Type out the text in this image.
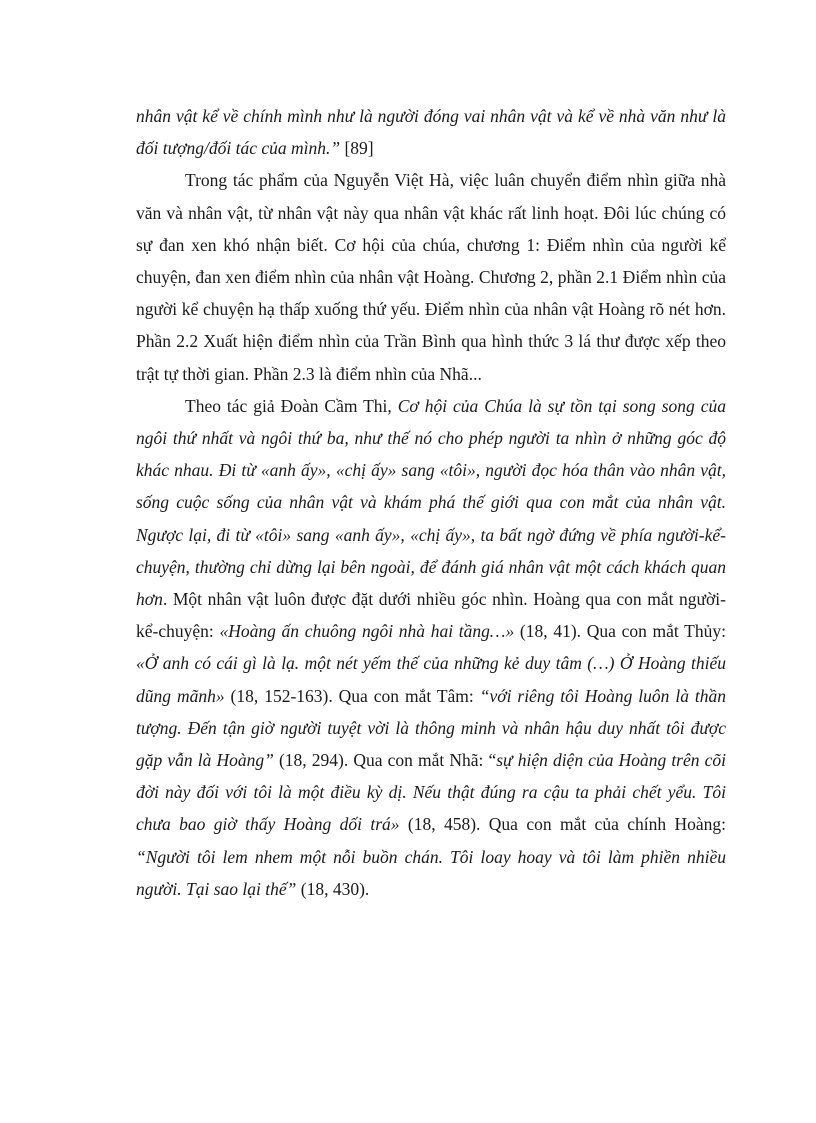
nhân vật kể về chính mình như là người đóng vai nhân vật và kể về nhà văn như là đối tượng/đối tác của mình.” [89]

Trong tác phẩm của Nguyễn Việt Hà, việc luân chuyển điểm nhìn giữa nhà văn và nhân vật, từ nhân vật này qua nhân vật khác rất linh hoạt. Đôi lúc chúng có sự đan xen khó nhận biết. Cơ hội của chúa, chương 1: Điểm nhìn của người kể chuyện, đan xen điểm nhìn của nhân vật Hoàng. Chương 2, phần 2.1 Điểm nhìn của người kể chuyện hạ thấp xuống thứ yếu. Điểm nhìn của nhân vật Hoàng rõ nét hơn. Phần 2.2 Xuất hiện điểm nhìn của Trần Bình qua hình thức 3 lá thư được xếp theo trật tự thời gian. Phần 2.3 là điểm nhìn của Nhã...

Theo tác giả Đoàn Cầm Thi, Cơ hội của Chúa là sự tồn tại song song của ngôi thứ nhất và ngôi thứ ba, như thế nó cho phép người ta nhìn ở những góc độ khác nhau. Đi từ «anh ấy», «chị ấy» sang «tôi», người đọc hóa thân vào nhân vật, sống cuộc sống của nhân vật và khám phá thế giới qua con mắt của nhân vật. Ngược lại, đi từ «tôi» sang «anh ấy», «chị ấy», ta bất ngờ đứng về phía người-kể-chuyện, thường chỉ dừng lại bên ngoài, để đánh giá nhân vật một cách khách quan hơn. Một nhân vật luôn được đặt dưới nhiều góc nhìn. Hoàng qua con mắt người-kể-chuyện: «Hoàng ấn chuông ngôi nhà hai tầng…» (18, 41). Qua con mắt Thủy: «Ở anh có cái gì là lạ. một nét yếm thế của những kẻ duy tâm (…) Ở Hoàng thiếu dũng mãnh» (18, 152-163). Qua con mắt Tâm: “với riêng tôi Hoàng luôn là thần tượng. Đến tận giờ người tuyệt vời là thông minh và nhân hậu duy nhất tôi được gặp vẫn là Hoàng” (18, 294). Qua con mắt Nhã: “sự hiện diện của Hoàng trên cõi đời này đối với tôi là một điều kỳ dị. Nếu thật đúng ra cậu ta phải chết yểu. Tôi chưa bao giờ thấy Hoàng dối trá» (18, 458). Qua con mắt của chính Hoàng: “Người tôi lem nhem một nỗi buồn chán. Tôi loay hoay và tôi làm phiền nhiều người. Tại sao lại thế” (18, 430).
